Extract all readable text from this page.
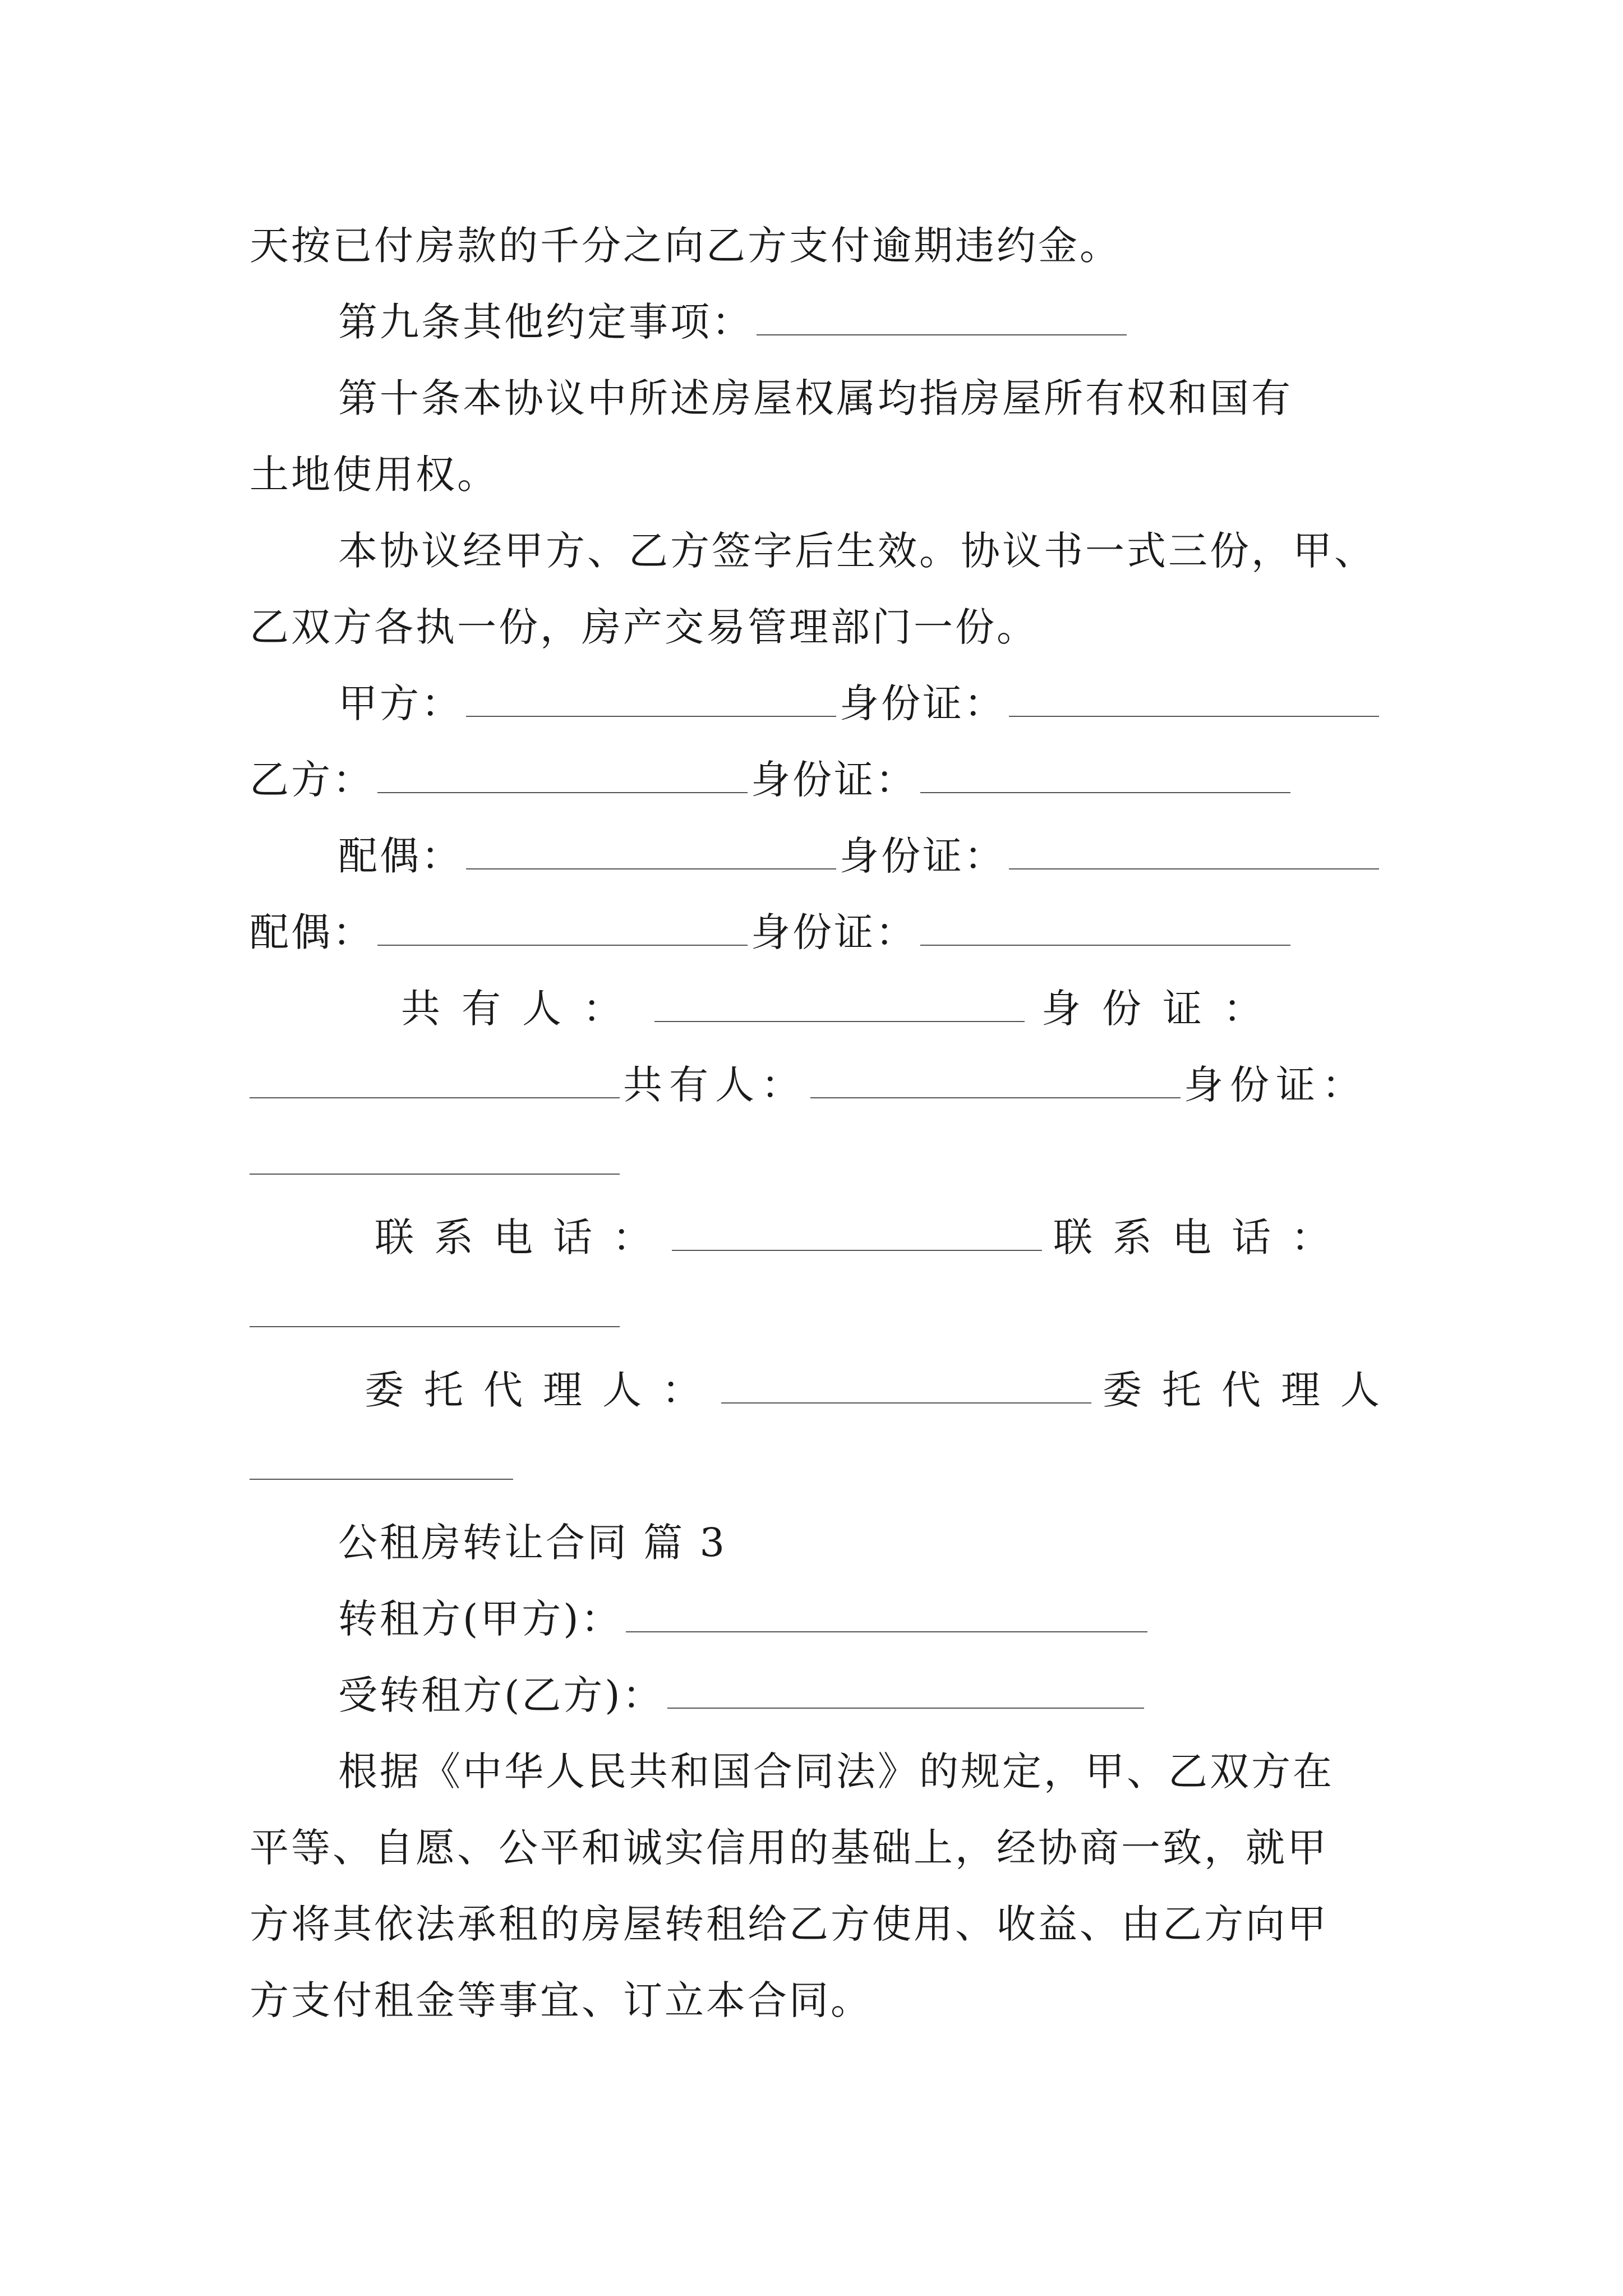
天按已付房款的千分之向乙方支付逾期违约金。
第九条其他约定事项：
第十条本协议中所述房屋权属均指房屋所有权和国有
土地使用权。
本协议经甲方、乙方签字后生效。协议书一式三份，甲、
乙双方各执一份，房产交易管理部门一份。
甲方：	身份证：
乙方：	身份证：
配偶：	身份证：
配偶：	身份证：
共有人：	身份证：
共有人：	身份证：
联系电话：	联系电话：
委托代理人：	委托代理人
公租房转让合同 篇 3
转租方(甲方)：
受转租方(乙方)：
根据《中华人民共和国合同法》的规定，甲、乙双方在
平等、自愿、公平和诚实信用的基础上，经协商一致，就甲
方将其依法承租的房屋转租给乙方使用、收益、由乙方向甲
方支付租金等事宜、订立本合同。
